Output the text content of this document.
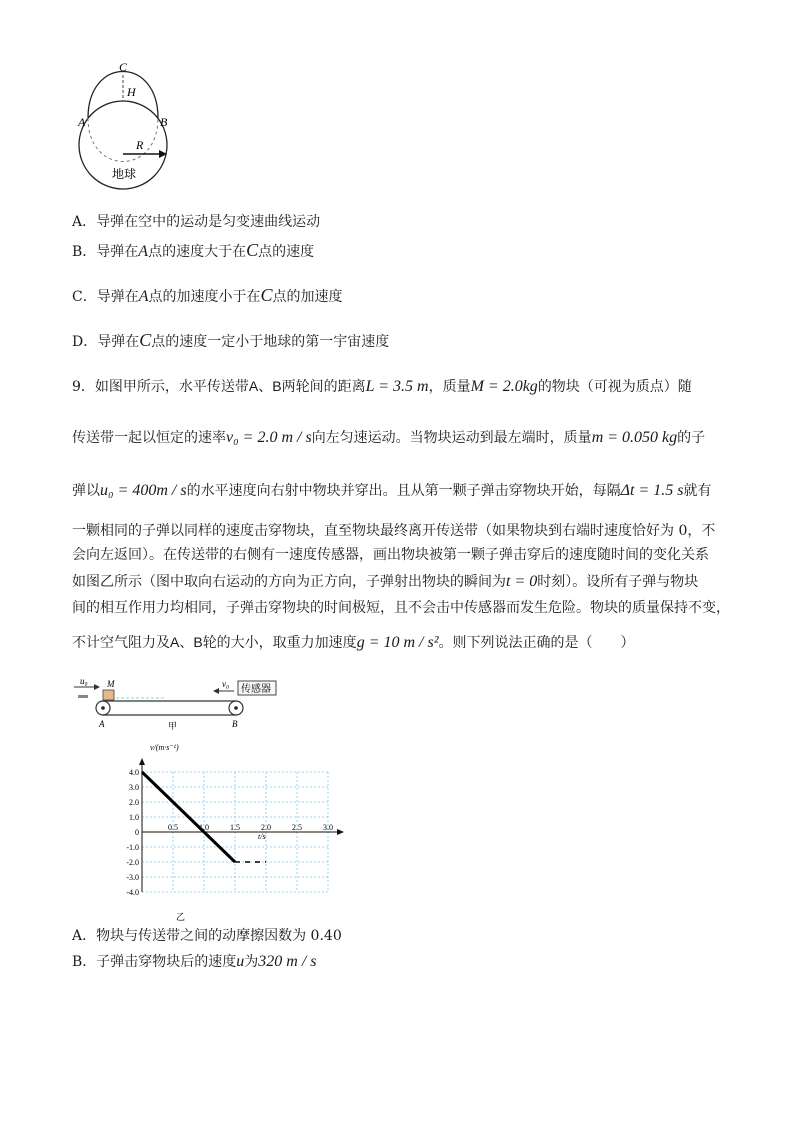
C
H
A	B
R
地球
A．导弹在空中的运动是匀变速曲线运动
B．导弹在A点的速度大于在C点的速度
C．导弹在A点的加速度小于在C点的加速度
D．导弹在C点的速度一定小于地球的第一宇宙速度
9．如图甲所示，水平传送带A、B两轮间的距离L = 3.5 m，质量M = 2.0kg的物块（可视为质点）随
传送带一起以恒定的速率v₀ = 2.0 m / s向左匀速运动。当物块运动到最左端时，质量m = 0.050 kg的子
弹以u₀ = 400m / s的水平速度向右射中物块并穿出。且从第一颗子弹击穿物块开始，每隔Δt = 1.5 s就有
一颗相同的子弹以同样的速度击穿物块，直至物块最终离开传送带（如果物块到右端时速度恰好为 0，不
会向左返回）。在传送带的右侧有一速度传感器，画出物块被第一颗子弹击穿后的速度随时间的变化关系
如图乙所示（图中取向右运动的方向为正方向，子弹射出物块的瞬间为t = 0时刻）。设所有子弹与物块
间的相互作用力均相同，子弹击穿物块的时间极短，且不会击中传感器而发生危险。物块的质量保持不变，
不计空气阻力及A、B轮的大小，取重力加速度g = 10 m / s²。则下列说法正确的是（　　）
u₀ M	v₀ 传感器
A	B
甲
4.0
3.0
2.0
1.0
0
-1.0
-2.0
-3.0
-4.0
0.5	1.0	1.5	2.0	2.5	3.0
v/(m·s⁻¹)
t/s
乙
A．物块与传送带之间的动摩擦因数为 0.40
B．子弹击穿物块后的速度u为320 m / s
